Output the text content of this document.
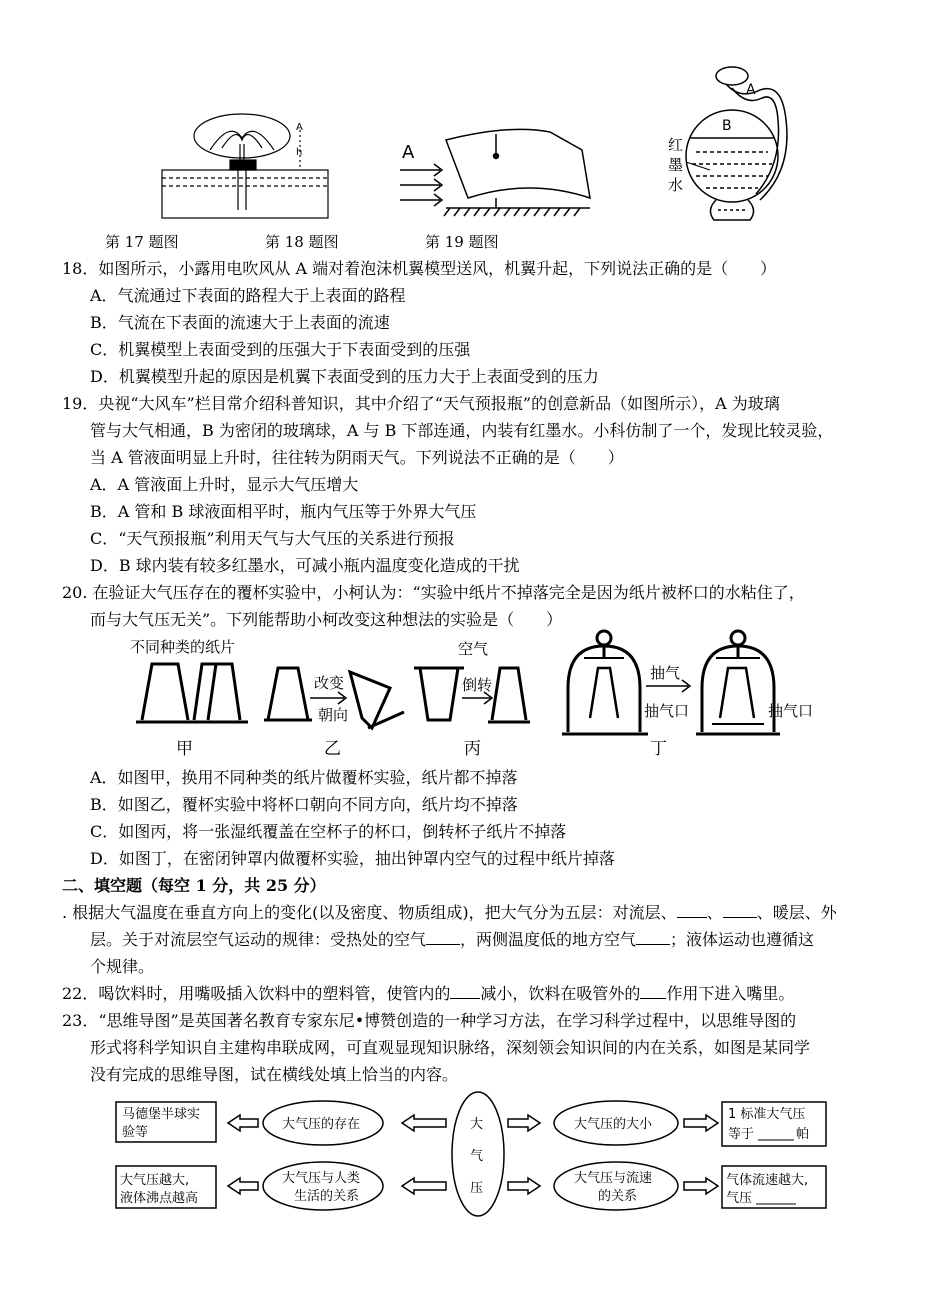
A
h	A
A
B
红
墨
水
第 17 题图	第 18 题图	第 19 题图
18．如图所示，小露用电吹风从 A 端对着泡沫机翼模型送风，机翼升起，下列说法正确的是（　　）
A．气流通过下表面的路程大于上表面的路程
B．气流在下表面的流速大于上表面的流速
C．机翼模型上表面受到的压强大于下表面受到的压强
D．机翼模型升起的原因是机翼下表面受到的压力大于上表面受到的压力
19．央视“大风车”栏目常介绍科普知识，其中介绍了“天气预报瓶”的创意新品（如图所示），A 为玻璃
管与大气相通，B 为密闭的玻璃球，A 与 B 下部连通，内装有红墨水。小科仿制了一个，发现比较灵验，
当 A 管液面明显上升时，往往转为阴雨天气。下列说法不正确的是（　　）
A．A 管液面上升时，显示大气压增大
B．A 管和 B 球液面相平时，瓶内气压等于外界大气压
C．“天气预报瓶”利用天气与大气压的关系进行预报
D．B 球内装有较多红墨水，可减小瓶内温度变化造成的干扰
20. 在验证大气压存在的覆杯实验中，小柯认为：“实验中纸片不掉落完全是因为纸片被杯口的水粘住了，
而与大气压无关”。下列能帮助小柯改变这种想法的实验是（　　）
不同种类的纸片
改变
朝向
空气
倒转
抽气
抽气口	抽气口
甲	乙	丙	丁
A．如图甲，换用不同种类的纸片做覆杯实验，纸片都不掉落
B．如图乙，覆杯实验中将杯口朝向不同方向，纸片均不掉落
C．如图丙，将一张湿纸覆盖在空杯子的杯口，倒转杯子纸片不掉落
D．如图丁，在密闭钟罩内做覆杯实验，抽出钟罩内空气的过程中纸片掉落
二、填空题（每空 1 分，共 25 分）
. 根据大气温度在垂直方向上的变化(以及密度、物质组成)，把大气分为五层：对流层、 、 、暖层、外
层。关于对流层空气运动的规律：受热处的空气 ，两侧温度低的地方空气 ；液体运动也遵循这
个规律。
22．喝饮料时，用嘴吸插入饮料中的塑料管，使管内的 减小，饮料在吸管外的 作用下进入嘴里。
23．“思维导图”是英国著名教育专家东尼•博赞创造的一种学习方法，在学习科学过程中，以思维导图的
形式将科学知识自主建构串联成网，可直观显现知识脉络，深刻领会知识间的内在关系，如图是某同学
没有完成的思维导图，试在横线处填上恰当的内容。
大
气
压
马德堡半球实
验等
大气压的存在
大气压越大,
液体沸点越高
大气压与人类
生活的关系
大气压的大小
1 标准大气压
等于	帕
大气压与流速
的关系
气体流速越大,
气压
